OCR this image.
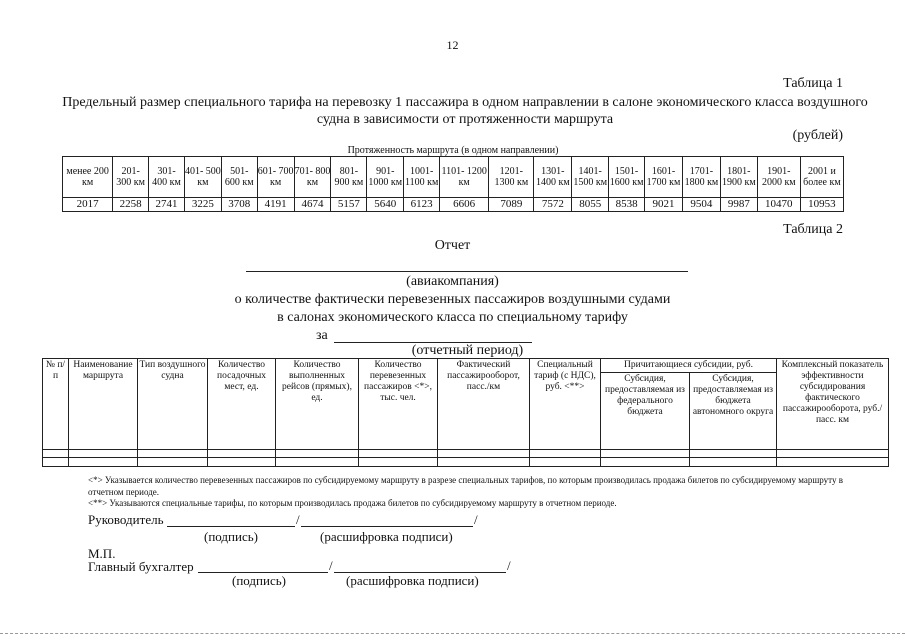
12
Таблица 1
Предельный размер специального тарифа на перевозку 1 пассажира в одном направлении в салоне экономического класса воздушного судна в зависимости от протяженности маршрута
(рублей)
Протяженность маршрута (в одном направлении)
менее 200 км	201- 300 км	301- 400 км	401- 500 км	501- 600 км	601- 700 км	701- 800 км	801- 900 км	901- 1000 км	1001- 1100 км	1101- 1200 км	1201- 1300 км	1301- 1400 км	1401- 1500 км	1501- 1600 км	1601- 1700 км	1701- 1800 км	1801- 1900 км	1901- 2000 км	2001 и более км
2017	2258	2741	3225	3708	4191	4674	5157	5640	6123	6606	7089	7572	8055	8538	9021	9504	9987	10470	10953
Таблица 2
Отчет
(авиакомпания)
о количестве фактически перевезенных пассажиров воздушными судами
в салонах экономического класса по специальному тарифу
за
(отчетный период)
№ п/п	Наименование маршрута	Тип воздушного судна	Количество посадочных мест, ед.	Количество выполненных рейсов (прямых), ед.	Количество перевезенных пассажиров <*>, тыс. чел.	Фактический пассажирооборот, пасс./км	Специальный тариф (с НДС), руб. <**>	Причитающиеся субсидии, руб.		Комплексный показатель эффективности субсидирования фактического пассажирооборота, руб./пасс. км
								Субсидия, предоставляемая из федерального бюджета	Субсидия, предоставляемая из бюджета автономного округа	

<*> Указывается количество перевезенных пассажиров по субсидируемому маршруту в разрезе специальных тарифов, по которым производилась продажа билетов по субсидируемому маршруту в отчетном периоде.
<**> Указываются специальные тарифы, по которым производилась продажа билетов по субсидируемому маршруту в отчетном периоде.
Руководитель	/	/
(подпись)	(расшифровка подписи)
М.П.
Главный бухгалтер	/	/
(подпись)	(расшифровка подписи)
